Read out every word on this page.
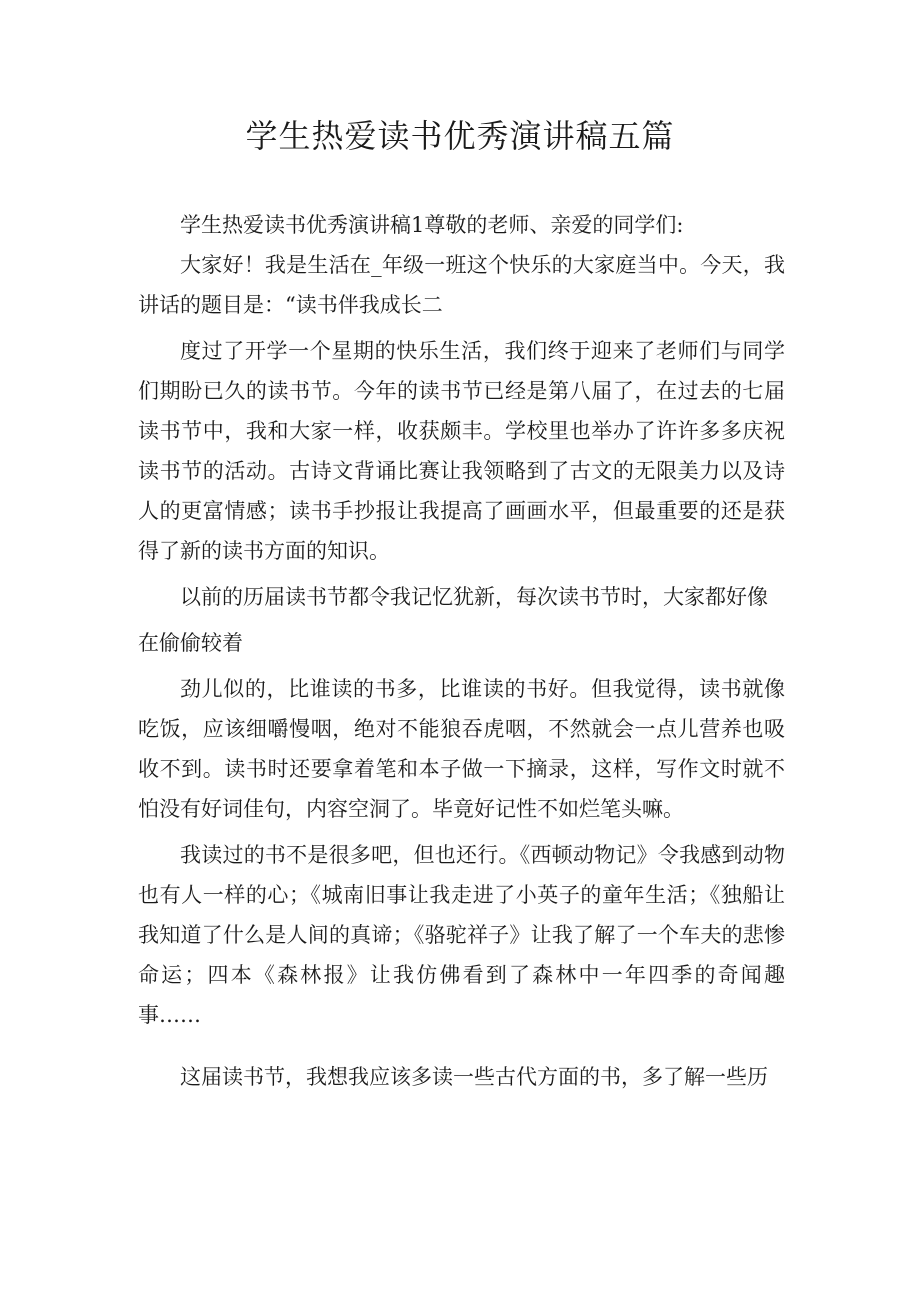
学生热爱读书优秀演讲稿五篇

学生热爱读书优秀演讲稿1尊敬的老师、亲爱的同学们:

大家好！我是生活在_年级一班这个快乐的大家庭当中。今天，我讲话的题目是：“读书伴我成长二

度过了开学一个星期的快乐生活，我们终于迎来了老师们与同学们期盼已久的读书节。今年的读书节已经是第八届了，在过去的七届读书节中，我和大家一样，收获颇丰。学校里也举办了许许多多庆祝读书节的活动。古诗文背诵比赛让我领略到了古文的无限美力以及诗人的更富情感；读书手抄报让我提高了画画水平，但最重要的还是获得了新的读书方面的知识。

以前的历届读书节都令我记忆犹新，每次读书节时，大家都好像

在偷偷较着

劲儿似的，比谁读的书多，比谁读的书好。但我觉得，读书就像吃饭，应该细嚼慢咽，绝对不能狼吞虎咽，不然就会一点儿营养也吸收不到。读书时还要拿着笔和本子做一下摘录，这样，写作文时就不怕没有好词佳句，内容空洞了。毕竟好记性不如烂笔头嘛。

我读过的书不是很多吧，但也还行。《西顿动物记》令我感到动物也有人一样的心；《城南旧事让我走进了小英子的童年生活；《独船让我知道了什么是人间的真谛；《骆驼祥子》让我了解了一个车夫的悲惨命运；四本《森林报》让我仿佛看到了森林中一年四季的奇闻趣事……

这届读书节，我想我应该多读一些古代方面的书，多了解一些历
